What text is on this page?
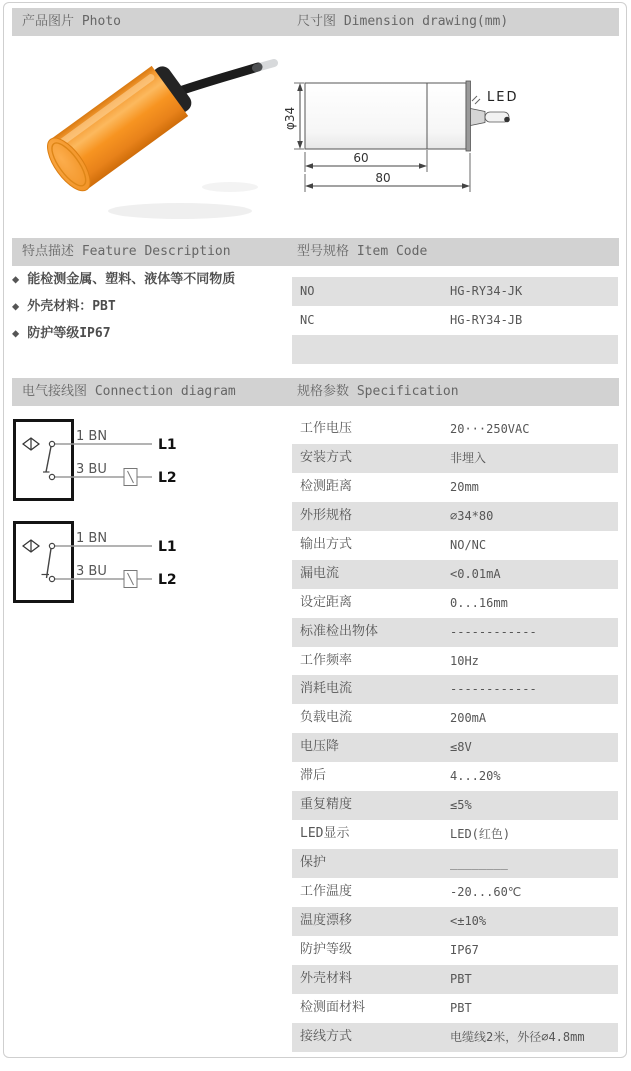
产品图片 Photo	尺寸图 Dimension drawing(mm)
特点描述 Feature Description	型号规格 Item Code
电气接线图 Connection diagram	规格参数 Specification
LED
φ34
60
80
◆ 能检测金属、塑料、液体等不同物质
◆ 外壳材料：PBT
◆ 防护等级IP67
NO	HG-RY34-JK
NC	HG-RY34-JB
1 BN
3 BU
L1
L2
1 BN
3 BU
L1
L2
工作电压	20···250VAC
安装方式	非埋入
检测距离	20mm
外形规格	∅34*80
输出方式	NO/NC
漏电流	<0.01mA
设定距离	0...16mm
标准检出物体	------------
工作频率	10Hz
消耗电流	------------
负载电流	200mA
电压降	≤8V
滞后	4...20%
重复精度	≤5%
LED显示	LED(红色)
保护	________
工作温度	-20...60℃
温度漂移	<±10%
防护等级	IP67
外壳材料	PBT
检测面材料	PBT
接线方式	电缆线2米，外径∅4.8mm
